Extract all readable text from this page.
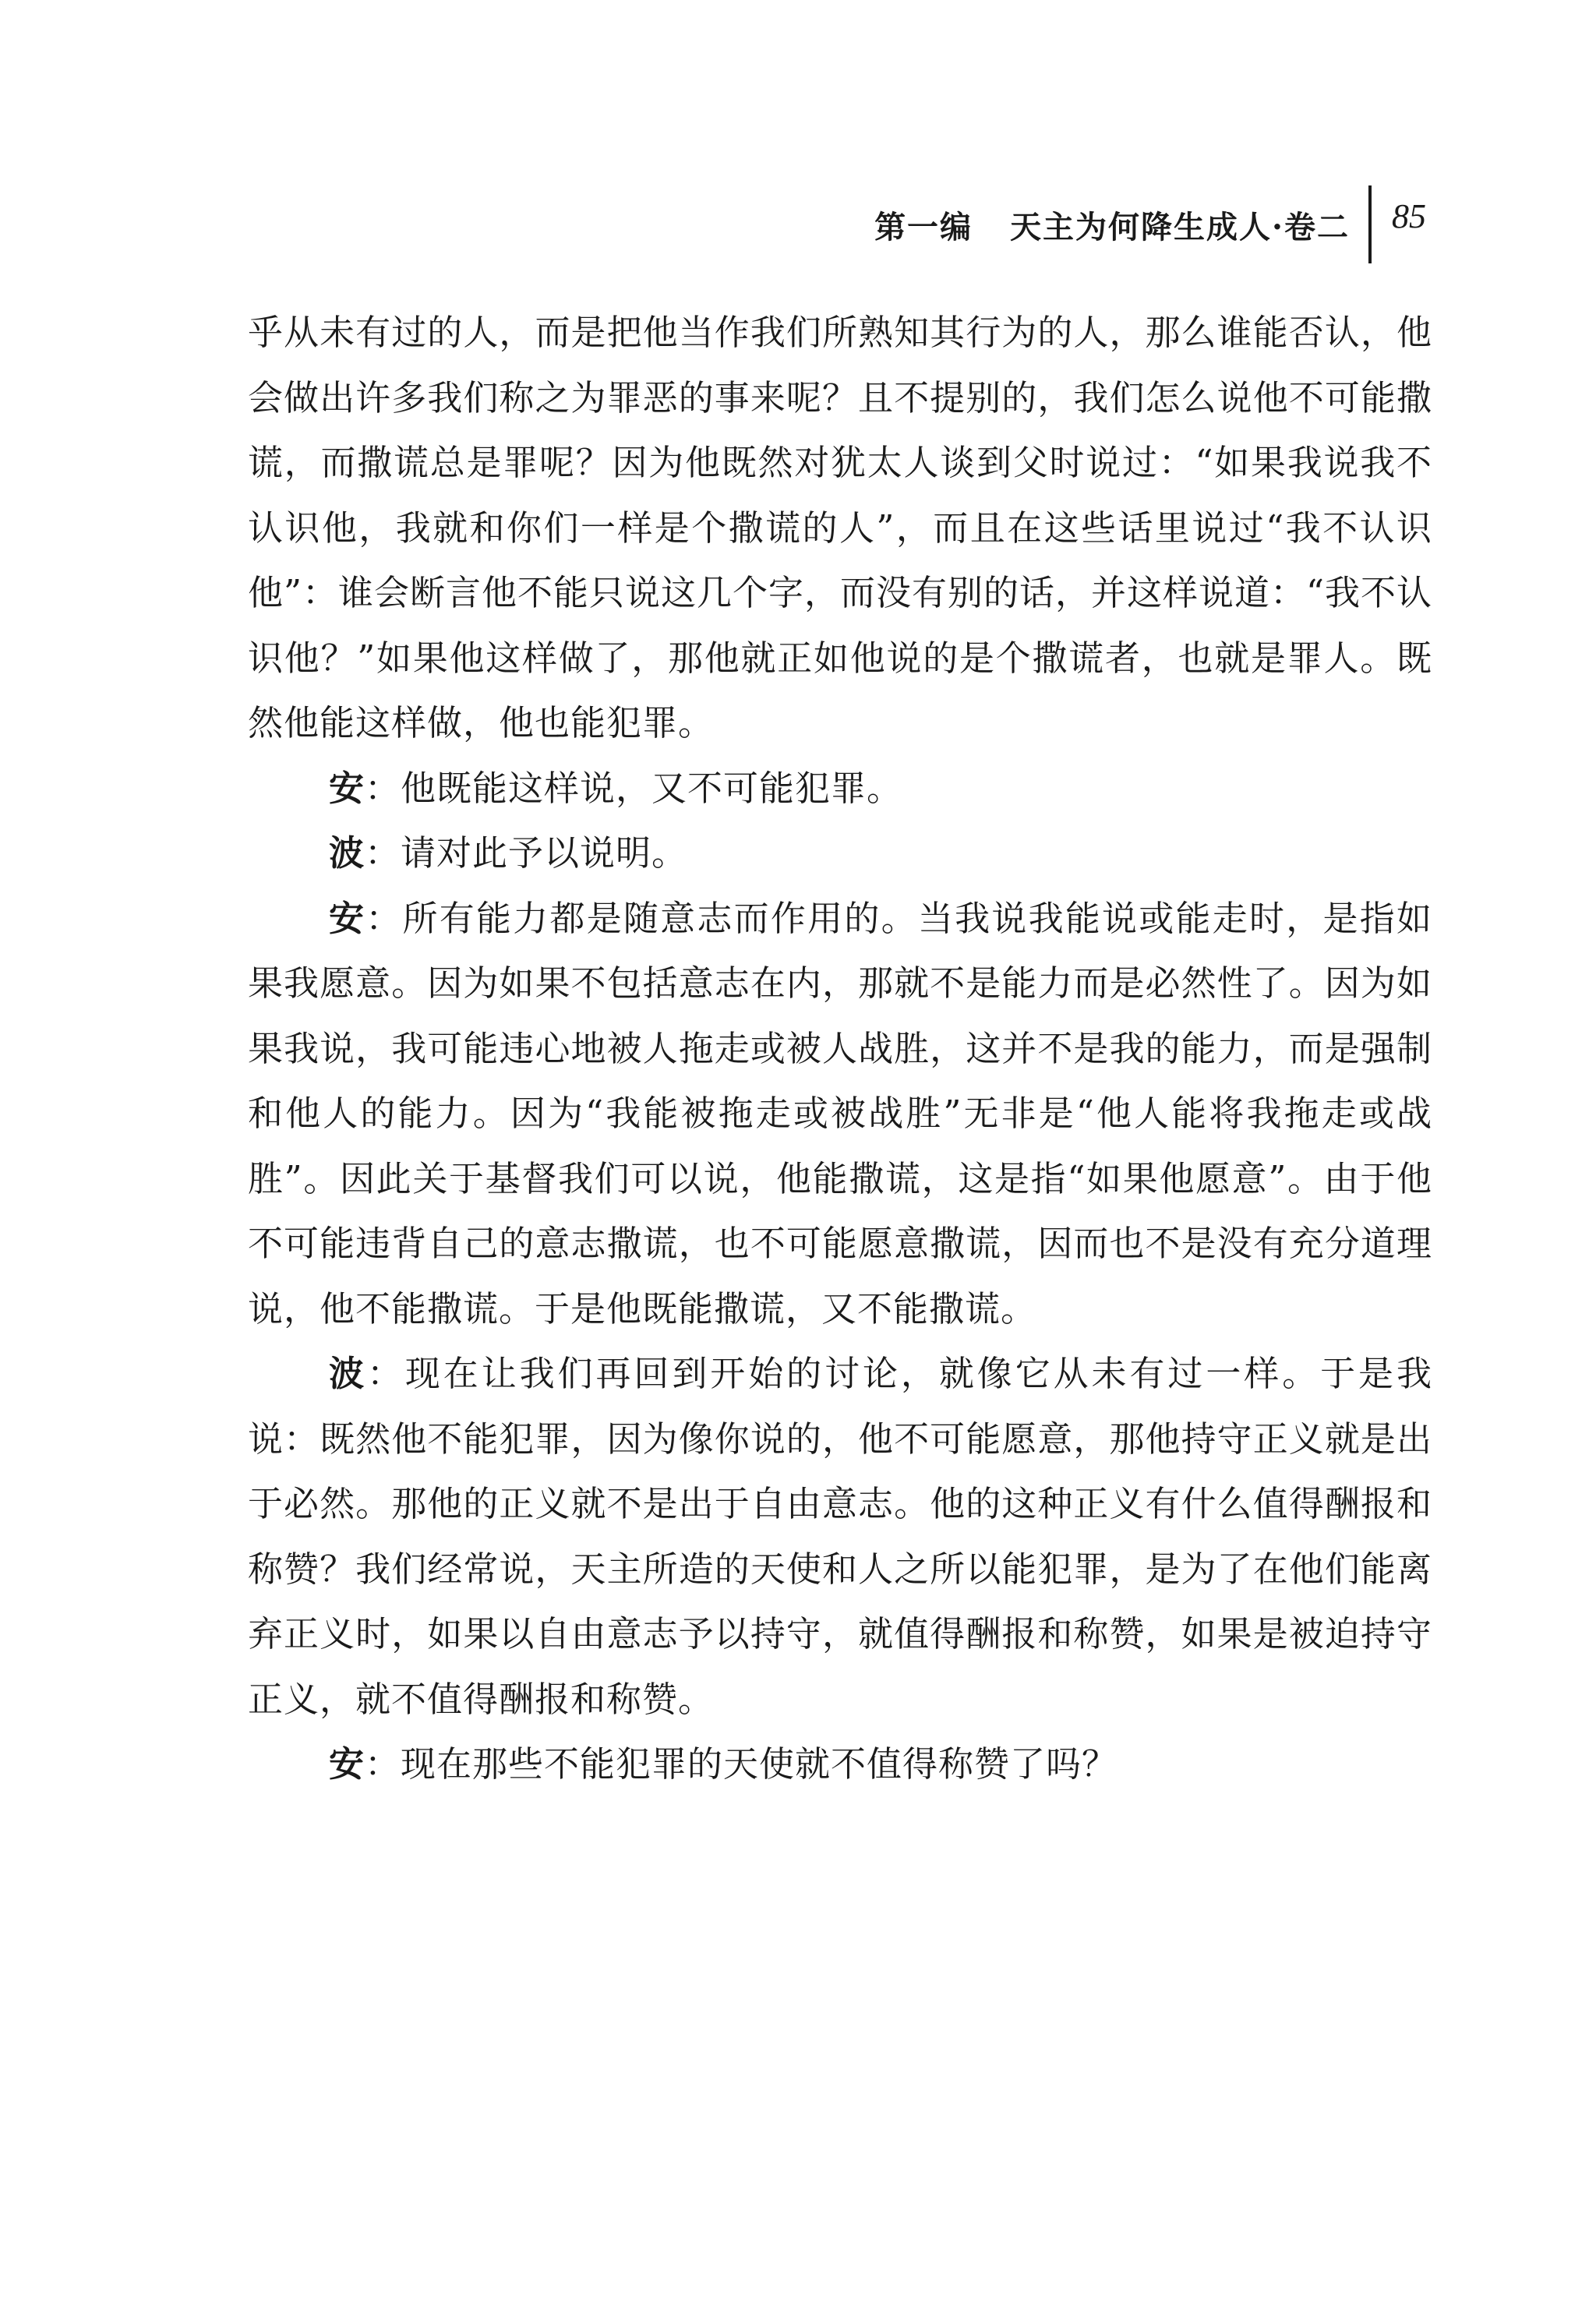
第一编 天主为何降生成人·卷二 85

乎从未有过的人，而是把他当作我们所熟知其行为的人，那么谁能否认，他会做出许多我们称之为罪恶的事来呢？且不提别的，我们怎么说他不可能撒谎，而撒谎总是罪呢？因为他既然对犹太人谈到父时说过：“如果我说我不认识他，我就和你们一样是个撒谎的人”，而且在这些话里说过“我不认识他”：谁会断言他不能只说这几个字，而没有别的话，并这样说道：“我不认识他？”如果他这样做了，那他就正如他说的是个撒谎者，也就是罪人。既然他能这样做，他也能犯罪。

安：他既能这样说，又不可能犯罪。

波：请对此予以说明。

安：所有能力都是随意志而作用的。当我说我能说或能走时，是指如果我愿意。因为如果不包括意志在内，那就不是能力而是必然性了。因为如果我说，我可能违心地被人拖走或被人战胜，这并不是我的能力，而是强制和他人的能力。因为“我能被拖走或被战胜”无非是“他人能将我拖走或战胜”。因此关于基督我们可以说，他能撒谎，这是指“如果他愿意”。由于他不可能违背自己的意志撒谎，也不可能愿意撒谎，因而也不是没有充分道理说，他不能撒谎。于是他既能撒谎，又不能撒谎。

波：现在让我们再回到开始的讨论，就像它从未有过一样。于是我说：既然他不能犯罪，因为像你说的，他不可能愿意，那他持守正义就是出于必然。那他的正义就不是出于自由意志。他的这种正义有什么值得酬报和称赞？我们经常说，天主所造的天使和人之所以能犯罪，是为了在他们能离弃正义时，如果以自由意志予以持守，就值得酬报和称赞，如果是被迫持守正义，就不值得酬报和称赞。

安：现在那些不能犯罪的天使就不值得称赞了吗？
